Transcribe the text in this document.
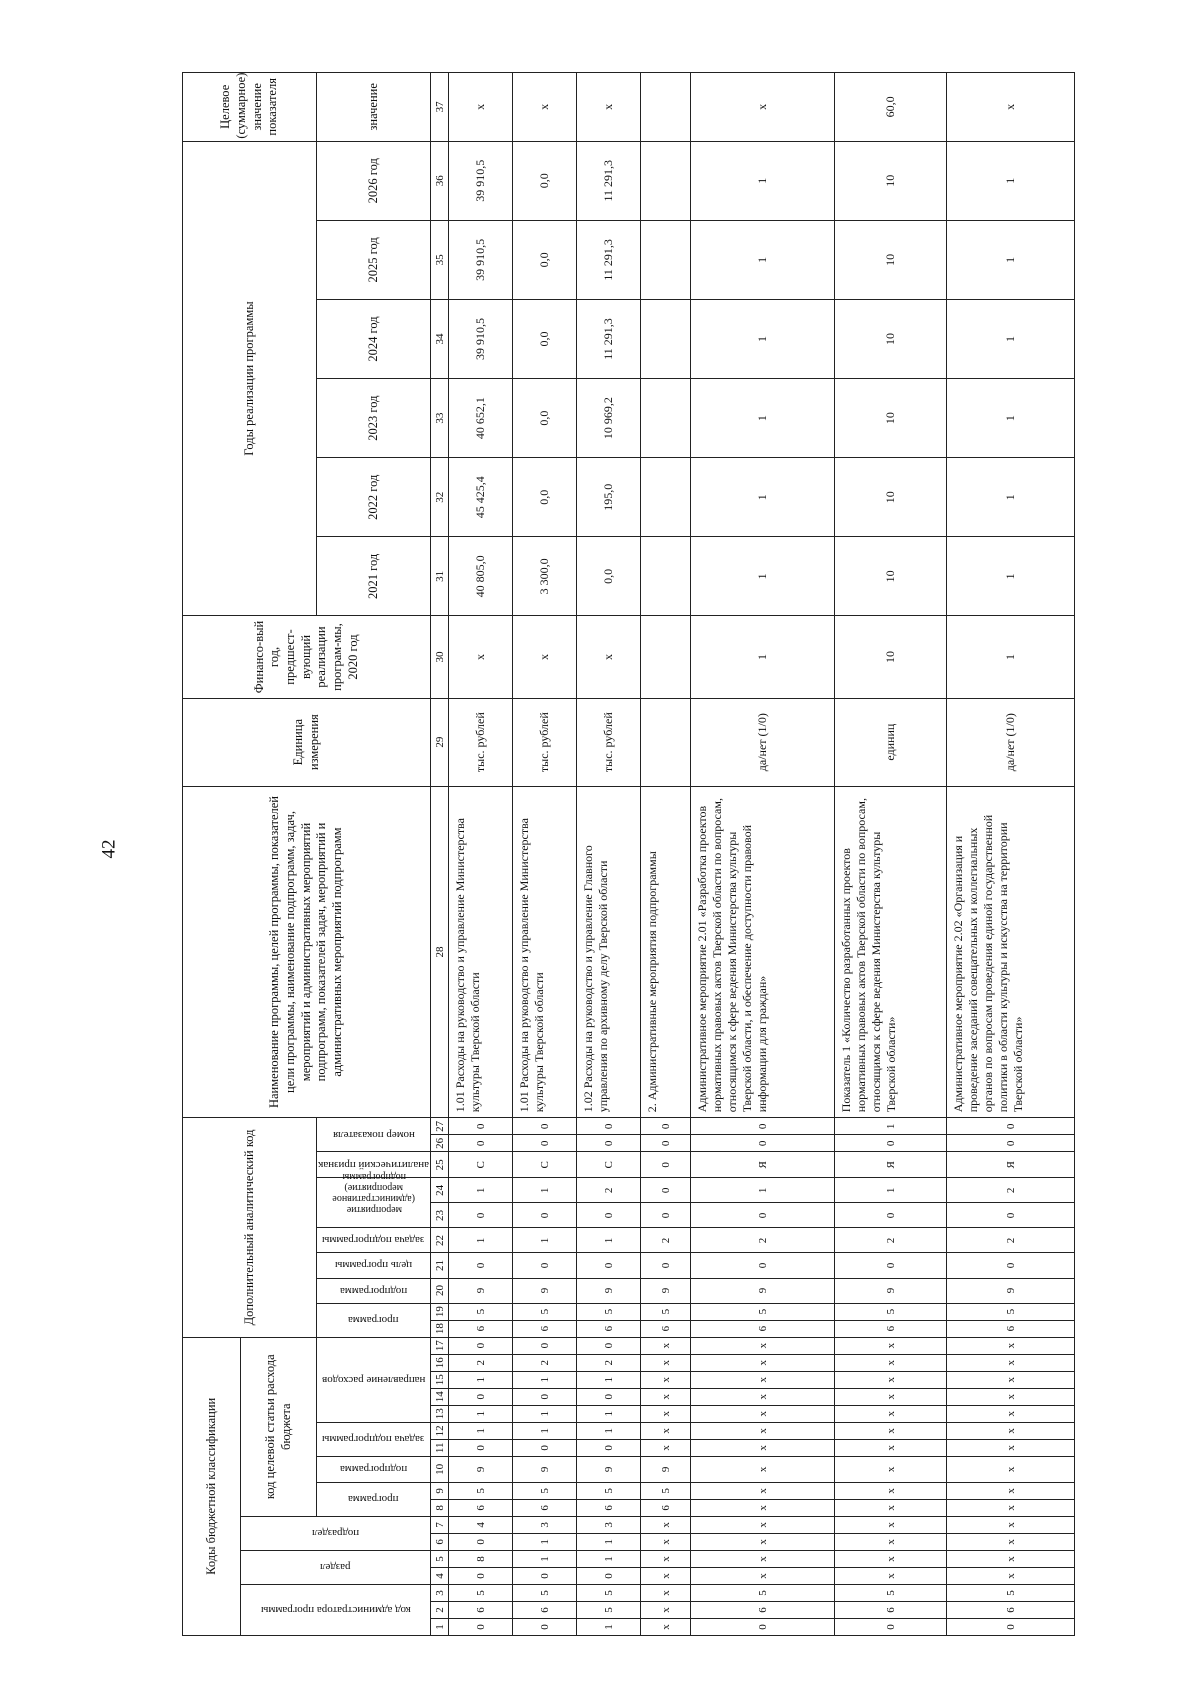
42
Коды бюджетной классификации																	Дополнительный аналитический код										Наименование программы, целей программы, показателей цели программы, наименование подпрограмм, задач, мероприятий и административных мероприятий подпрограмм, показателей задач, мероприятий и административных мероприятий подпрограмм	Единица измерения	Финансо-вый год, предшест-вующий реализации програм-мы, 2020 год	Годы реализации программы						Целевое (суммарное) значение показателя

код администратора программы			раздел		подраздел		код целевой статьи расхода бюджета																													

							программа		подпрограмма	задача подпрограммы		направление расходов					программа		подпрограмма	цель программы	задача подпрограммы	мероприятие (административное мероприятие) подпрограммы		аналитический признак	номер показателя					2021 год	2022 год	2023 год	2024 год	2025 год	2026 год	значение
1	2	3	4	5	6	7	8	9	10	11	12	13	14	15	16	17	18	19	20	21	22	23	24	25	26	27	28	29	30	31	32	33	34	35	36	37
0	6	5	0	8	0	4	6	5	9	0	1	1	0	1	2	0	6	5	9	0	1	0	1	С	0	0	1.01 Расходы на руководство и управление Министерства культуры Тверской области	тыс. рублей	х	40 805,0	45 425,4	40 652,1	39 910,5	39 910,5	39 910,5	х
0	6	5	0	1	1	3	6	5	9	0	1	1	0	1	2	0	6	5	9	0	1	0	1	С	0	0	1.01 Расходы на руководство и управление Министерства культуры Тверской области	тыс. рублей	х	3 300,0	0,0	0,0	0,0	0,0	0,0	х
1	5	5	0	1	1	3	6	5	9	0	1	1	0	1	2	0	6	5	9	0	1	0	2	С	0	0	1.02 Расходы на руководство и управление Главного управления по архивному делу Тверской области	тыс. рублей	х	0,0	195,0	10 969,2	11 291,3	11 291,3	11 291,3	х
х	х	х	х	х	х	х	6	5	9	х	х	х	х	х	х	х	6	5	9	0	2	0	0	0	0	0	2. Административные мероприятия подпрограммы									
0	6	5	х	х	х	х	х	х	х	х	х	х	х	х	х	х	6	5	9	0	2	0	1	Я	0	0	Административное мероприятие 2.01 «Разработка проектов нормативных правовых актов Тверской области по вопросам, относящимся к сфере ведения Министерства культуры Тверской области, и обеспечение доступности правовой информации для граждан»	да/нет (1/0)	1	1	1	1	1	1	1	х
0	6	5	х	х	х	х	х	х	х	х	х	х	х	х	х	х	6	5	9	0	2	0	1	Я	0	1	Показатель 1 «Количество разработанных проектов нормативных правовых актов Тверской области по вопросам, относящимся к сфере ведения Министерства культуры Тверской области»	единиц	10	10	10	10	10	10	10	60,0
0	6	5	х	х	х	х	х	х	х	х	х	х	х	х	х	х	6	5	9	0	2	0	2	Я	0	0	Административное мероприятие 2.02 «Организация и проведение заседаний совещательных и коллегиальных органов по вопросам проведения единой государственной политики в области культуры и искусства на территории Тверской области»	да/нет (1/0)	1	1	1	1	1	1	1	х
